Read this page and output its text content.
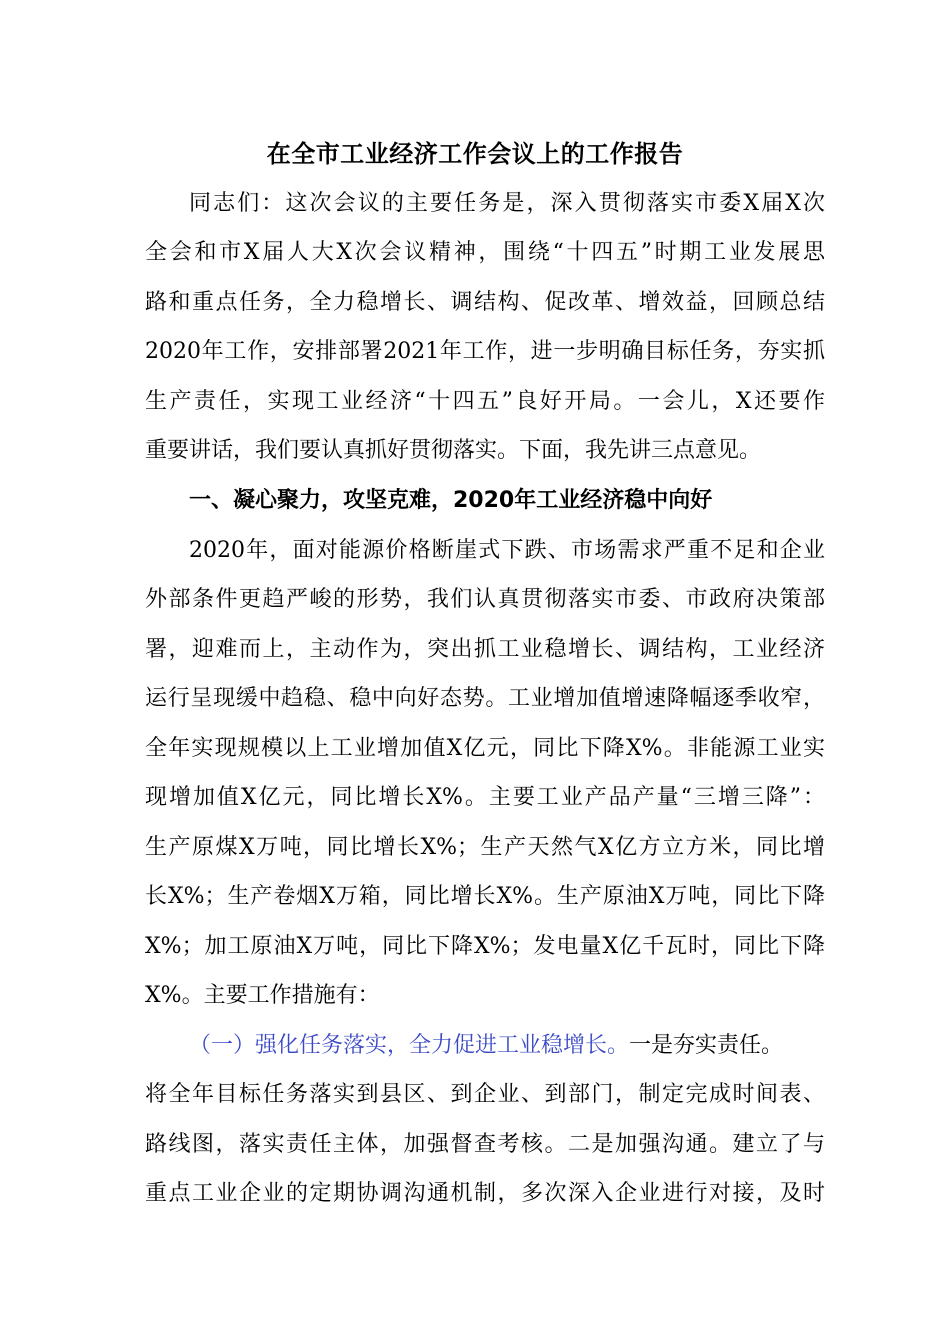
在全市工业经济工作会议上的工作报告
同志们：这次会议的主要任务是，深入贯彻落实市委X届X次
全会和市X届人大X次会议精神，围绕“十四五”时期工业发展思
路和重点任务，全力稳增长、调结构、促改革、增效益，回顾总结
2020年工作，安排部署2021年工作，进一步明确目标任务，夯实抓
生产责任，实现工业经济“十四五”良好开局。一会儿，X还要作
重要讲话，我们要认真抓好贯彻落实。下面，我先讲三点意见。
一、凝心聚力，攻坚克难，2020年工业经济稳中向好
2020年，面对能源价格断崖式下跌、市场需求严重不足和企业
外部条件更趋严峻的形势，我们认真贯彻落实市委、市政府决策部
署，迎难而上，主动作为，突出抓工业稳增长、调结构，工业经济
运行呈现缓中趋稳、稳中向好态势。工业增加值增速降幅逐季收窄，
全年实现规模以上工业增加值X亿元，同比下降X%。非能源工业实
现增加值X亿元，同比增长X%。主要工业产品产量“三增三降”：
生产原煤X万吨，同比增长X%；生产天然气X亿方立方米，同比增
长X%；生产卷烟X万箱，同比增长X%。生产原油X万吨，同比下降
X%；加工原油X万吨，同比下降X%；发电量X亿千瓦时，同比下降
X%。主要工作措施有：
（一）强化任务落实，全力促进工业稳增长。一是夯实责任。
将全年目标任务落实到县区、到企业、到部门，制定完成时间表、
路线图，落实责任主体，加强督查考核。二是加强沟通。建立了与
重点工业企业的定期协调沟通机制，多次深入企业进行对接，及时
